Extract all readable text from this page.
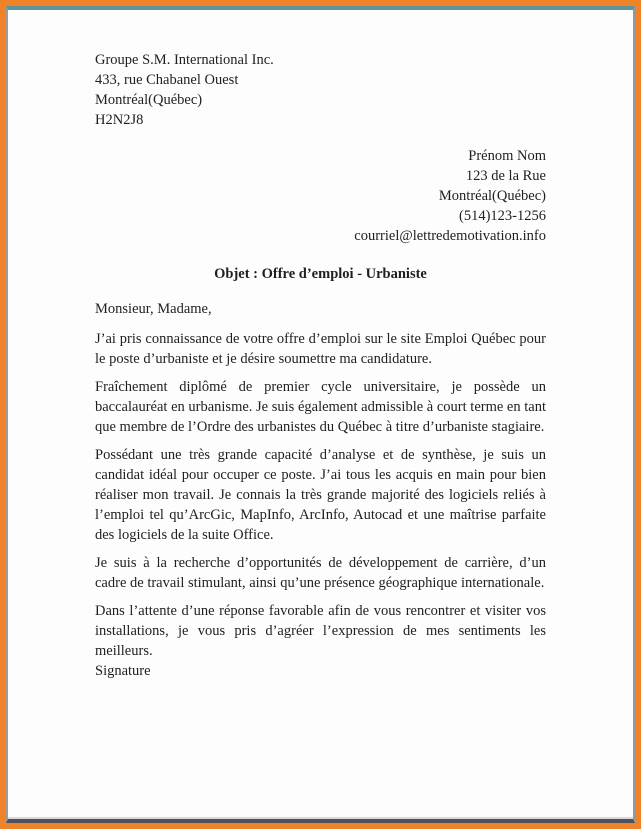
Groupe S.M. International Inc.

433, rue Chabanel Ouest

Montréal(Québec)

H2N2J8

Prénom Nom

123 de la Rue

Montréal(Québec)

(514)123-1256

courriel@lettredemotivation.info

Objet : Offre d’emploi - Urbaniste

Monsieur, Madame,

J’ai pris connaissance de votre offre d’emploi sur le site Emploi Québec pour le poste d’urbaniste et je désire soumettre ma candidature.

Fraîchement diplômé de premier cycle universitaire, je possède un baccalauréat en urbanisme. Je suis également admissible à court terme en tant que membre de l’Ordre des urbanistes du Québec à titre d’urbaniste stagiaire.

Possédant une très grande capacité d’analyse et de synthèse, je suis un candidat idéal pour occuper ce poste. J’ai tous les acquis en main pour bien réaliser mon travail. Je connais la très grande majorité des logiciels reliés à l’emploi tel qu’ArcGic, MapInfo, ArcInfo, Autocad et une maîtrise parfaite des logiciels de la suite Office.

Je suis à la recherche d’opportunités de développement de carrière, d’un cadre de travail stimulant, ainsi qu’une présence géographique internationale.

Dans l’attente d’une réponse favorable afin de vous rencontrer et visiter vos installations, je vous pris d’agréer l’expression de mes sentiments les meilleurs.

Signature
